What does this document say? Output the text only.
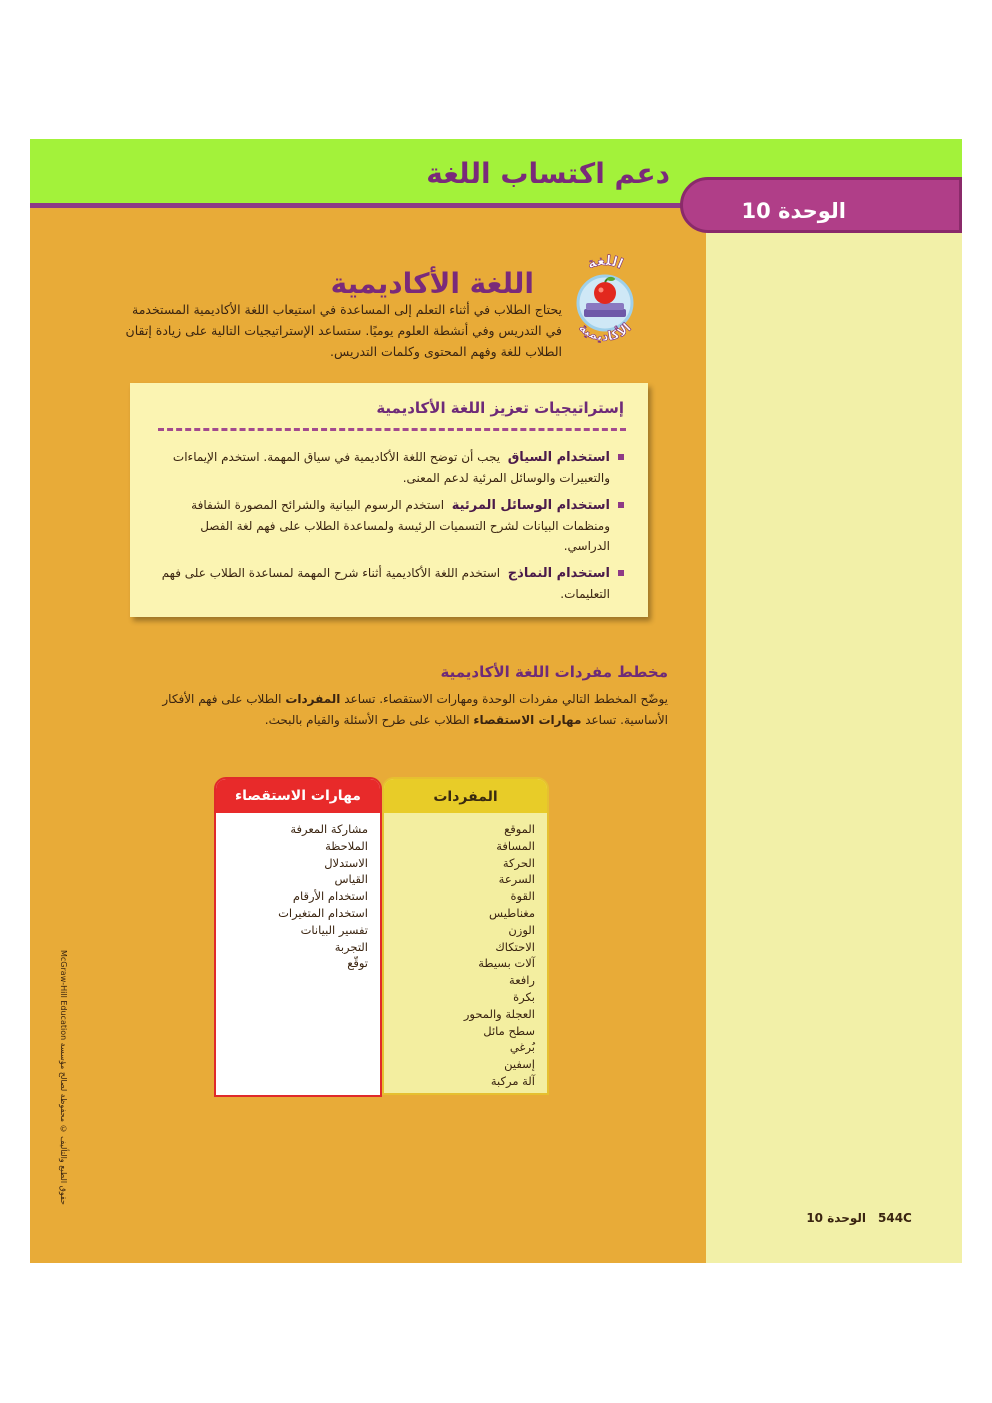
دعم اكتساب اللغة
الوحدة 10
اللغة الأكاديمية
اللغة
الأكاديمية

يحتاج الطلاب في أثناء التعلم إلى المساعدة في استيعاب اللغة الأكاديمية المستخدمة في التدريس وفي أنشطة العلوم يوميًا. ستساعد الإستراتيجيات التالية على زيادة إتقان الطلاب للغة وفهم المحتوى وكلمات التدريس.

إستراتيجيات تعزيز اللغة الأكاديمية
استخدام السياق  يجب أن توضح اللغة الأكاديمية في سياق المهمة. استخدم الإيماءات والتعبيرات والوسائل المرئية لدعم المعنى.
استخدام الوسائل المرئية  استخدم الرسوم البيانية والشرائح المصورة الشفافة ومنظمات البيانات لشرح التسميات الرئيسة ولمساعدة الطلاب على فهم لغة الفصل الدراسي.
استخدام النماذج  استخدم اللغة الأكاديمية أثناء شرح المهمة لمساعدة الطلاب على فهم التعليمات.
مخطط مفردات اللغة الأكاديمية

يوضّح المخطط التالي مفردات الوحدة ومهارات الاستقصاء. تساعد المفردات الطلاب على فهم الأفكار الأساسية. تساعد مهارات الاستقصاء الطلاب على طرح الأسئلة والقيام بالبحث.

المفردات
الموقع
المسافة
الحركة
السرعة
القوة
مغناطيس
الوزن
الاحتكاك
آلات بسيطة
رافعة
بكرة
العجلة والمحور
سطح مائل
بُرغي
إسفين
آلة مركبة
مهارات الاستقصاء
مشاركة المعرفة
الملاحظة
الاستدلال
القياس
استخدام الأرقام
استخدام المتغيرات
تفسير البيانات
التجربة
توقّع
حقوق الطبع والتأليف © محفوظة لصالح مؤسسة McGraw-Hill Education
544C
الوحدة 10
